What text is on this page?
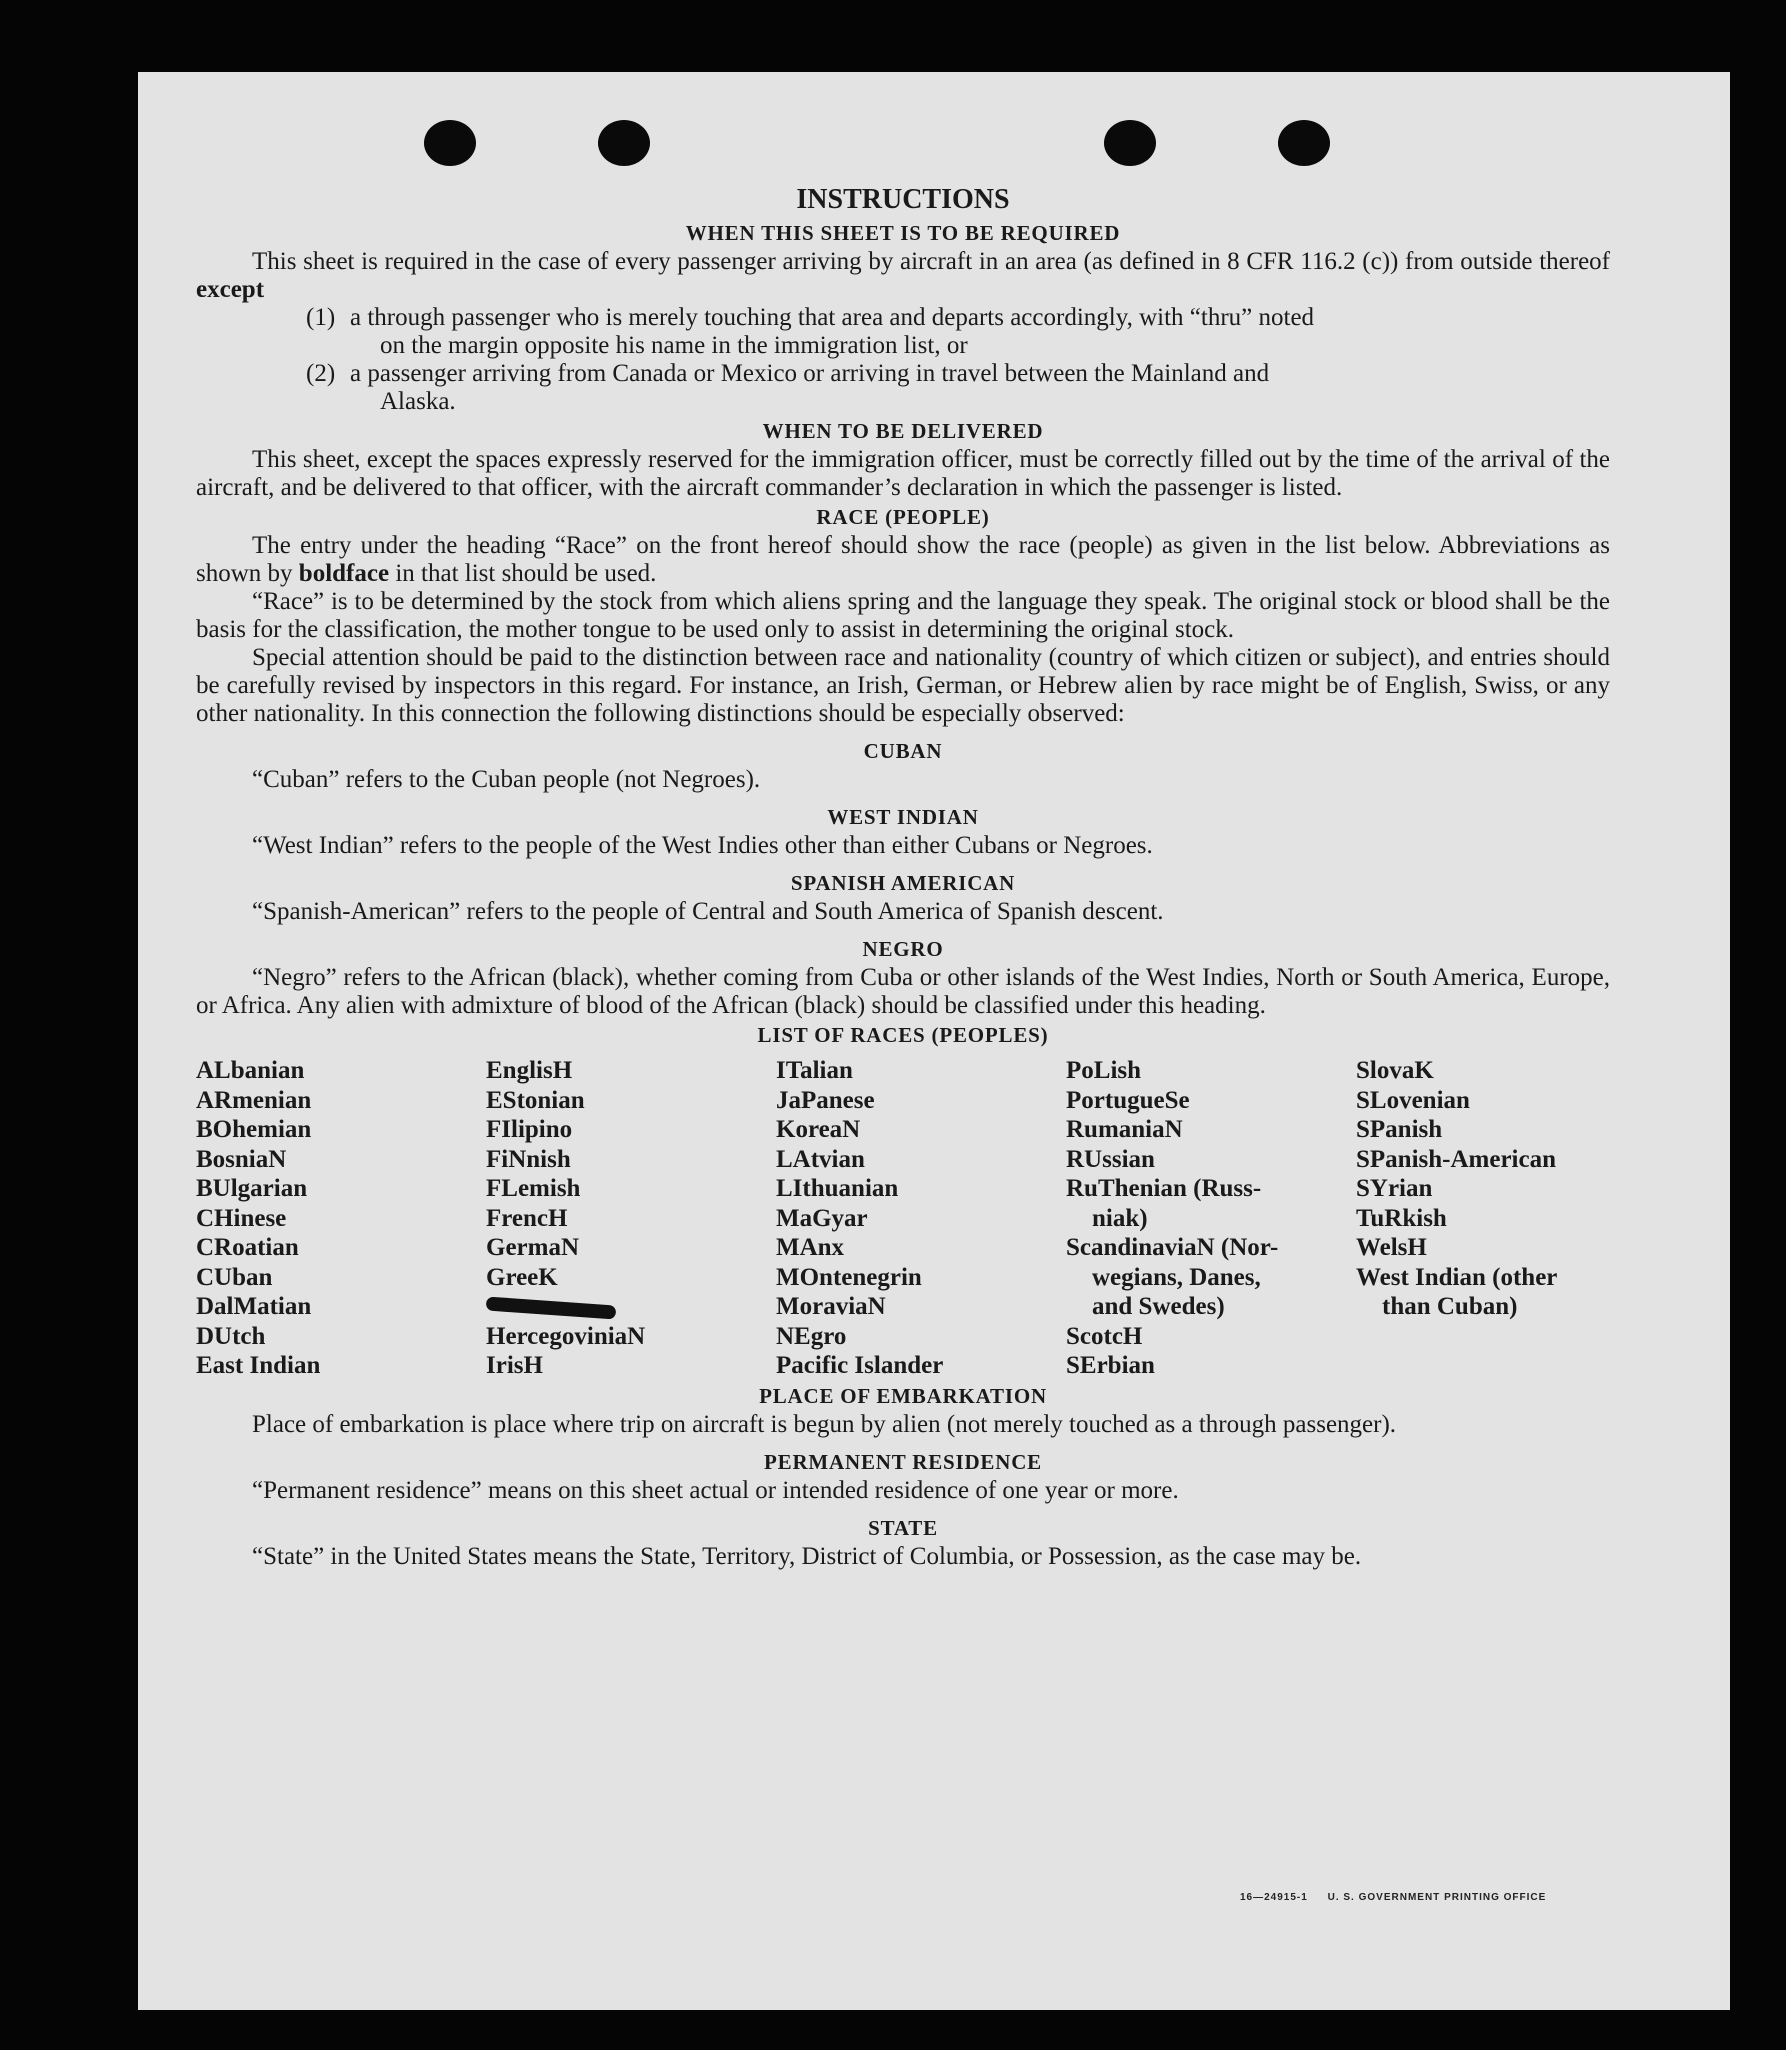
INSTRUCTIONS
WHEN THIS SHEET IS TO BE REQUIRED

This sheet is required in the case of every passenger arriving by aircraft in an area (as defined in 8 CFR 116.2 (c)) from outside thereof except

(1) a through passenger who is merely touching that area and departs accordingly, with “thru” noted
on the margin opposite his name in the immigration list, or
(2) a passenger arriving from Canada or Mexico or arriving in travel between the Mainland and
Alaska.
WHEN TO BE DELIVERED

This sheet, except the spaces expressly reserved for the immigration officer, must be correctly filled out by the time of the arrival of the aircraft, and be delivered to that officer, with the aircraft commander’s declaration in which the passenger is listed.

RACE (PEOPLE)

The entry under the heading “Race” on the front hereof should show the race (people) as given in the list below. Abbreviations as shown by boldface in that list should be used.

“Race” is to be determined by the stock from which aliens spring and the language they speak. The original stock or blood shall be the basis for the classification, the mother tongue to be used only to assist in determining the original stock.

Special attention should be paid to the distinction between race and nationality (country of which citizen or subject), and entries should be carefully revised by inspectors in this regard. For instance, an Irish, German, or Hebrew alien by race might be of English, Swiss, or any other nationality. In this connection the following distinctions should be especially observed:

CUBAN

“Cuban” refers to the Cuban people (not Negroes).

WEST INDIAN

“West Indian” refers to the people of the West Indies other than either Cubans or Negroes.

SPANISH AMERICAN

“Spanish-American” refers to the people of Central and South America of Spanish descent.

NEGRO

“Negro” refers to the African (black), whether coming from Cuba or other islands of the West Indies, North or South America, Europe, or Africa. Any alien with admixture of blood of the African (black) should be classified under this heading.

LIST OF RACES (PEOPLES)
ALbanian
ARmenian
BOhemian
BosniaN
BUlgarian
CHinese
CRoatian
CUban
DalMatian
DUtch
East Indian
EnglisH
EStonian
FIlipino
FiNnish
FLemish
FrencH
GermaN
GreeK
HercegoviniaN
IrisH
ITalian
JaPanese
KoreaN
LAtvian
LIthuanian
MaGyar
MAnx
MOntenegrin
MoraviaN
NEgro
Pacific Islander
PoLish
PortugueSe
RumaniaN
RUssian
RuThenian (Russ-
niak)
ScandinaviaN (Nor-
wegians, Danes,
and Swedes)
ScotcH
SErbian
SlovaK
SLovenian
SPanish
SPanish-American
SYrian
TuRkish
WelsH
West Indian (other
than Cuban)
PLACE OF EMBARKATION

Place of embarkation is place where trip on aircraft is begun by alien (not merely touched as a through passenger).

PERMANENT RESIDENCE

“Permanent residence” means on this sheet actual or intended residence of one year or more.

STATE

“State” in the United States means the State, Territory, District of Columbia, or Possession, as the case may be.

16—24915-1 U. S. GOVERNMENT PRINTING OFFICE
